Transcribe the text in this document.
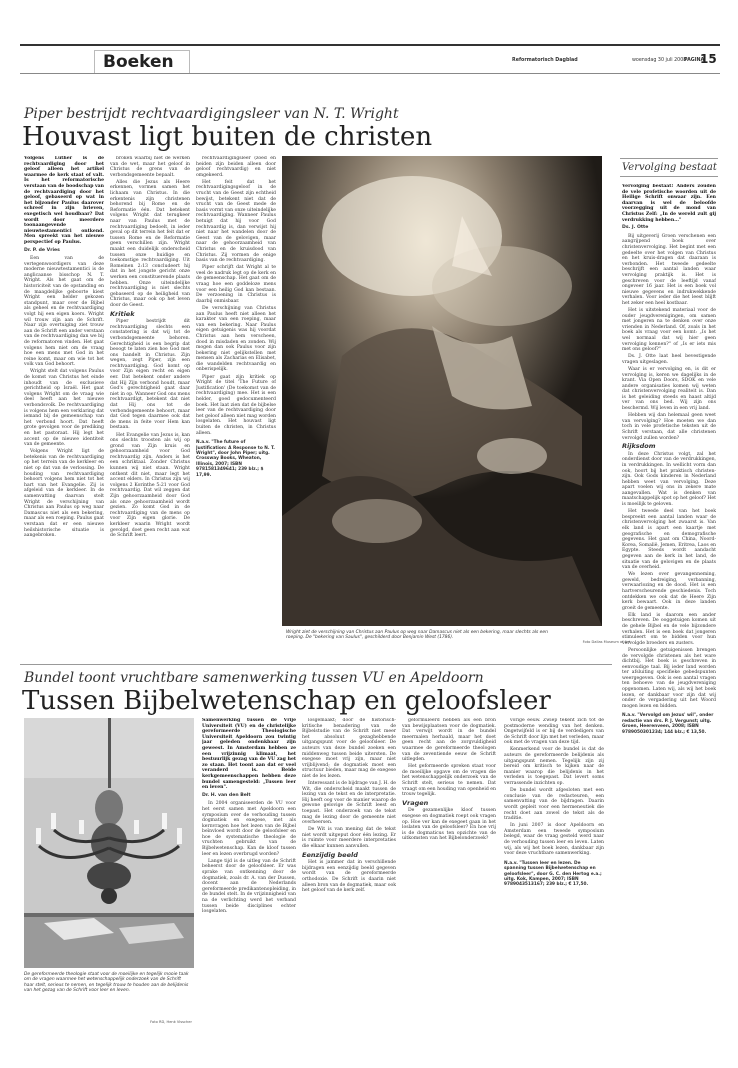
Boeken	Reformatorisch Dagblad	woensdag 30 juli 2008
PAGINA
15
Piper bestrijdt rechtvaardigingsleer van N. T. Wright
Houvast ligt buiten de christen

Volgens Luther is de rechtvaardiging door het geloof alleen het artikel waarmee de kerk staat of valt. Is het reformatorische verstaan van de boodschap van de rechtvaardiging door het geloof, gebaseerd op wat in het bijzonder Paulus daarover schreef in zijn brieven, exegetisch wel houdbaar? Dat wordt door meerdere toonaangevende nieuwtestamentici ontkend. Men spreekt van het nieuwe perspectief op Paulus.

Dr. P. de Vries

Een van de vertegenwoordigers van deze moderne nieuwtestamentici is de anglicaanse bisschop N. T. Wright. Als het gaat om de historiciteit van de opstanding en de maagdelijke geboorte kiest Wright een helder gekozen standpunt, maar over de Bijbel als geheel en de rechtvaardiging volgt hij een eigen koers. Wright wil trouw zijn aan de Schrift. Naar zijn overtuiging ziet trouw aan de Schrift een ander verstaan van de rechtvaardiging dan we bij de reformatoren vinden. Het gaat volgens hem niet om de vraag hoe een mens met God in het reine komt, maar om wie tot het volk van God behoort.

Wright stelt dat volgens Paulus de komst van Christus het einde inhoudt van de exclusieve gerichtheid op Israël. Het gaat volgens Wright om de vraag wie deel heeft aan het nieuwe verbondsvolk. De rechtvaardiging is volgens hem een verklaring dat iemand bij de gemeenschap van het verbond hoort. Dat heeft grote gevolgen voor de prediking en het pastoraat. Hij legt het accent op de nieuwe identiteit van de gemeente.

Volgens Wright ligt de betekenis van de rechtvaardiging op het terrein van de kerkleer en niet op dat van de verlossing. De houding van rechtvaardiging behoort volgens hem niet tot het hart van het Evangelie. Zij is afgeleid van de kerkleer. In de samenvatting daarvan stelt Wright de verschijning van Christus aan Paulus op weg naar Damascus niet als een bekering, maar als een roeping. Paulus gaat verstaan dat er een nieuwe heilshistorische situatie is aangebroken.

broken waarbij niet de werken van de wet, maar het geloof in Christus de grens van de verbondsgemeente bepaalt.

Alles die Jezus als Heere erkennen, vormen samen het lichaam van Christus. In die erkentenis zijn christenen behorend bij Rome en de Reformatie één. Dat betekent volgens Wright dat terugkeer naar van Paulus met de rechtvaardiging bedoelt, in ieder geval op dit terrein het feit dat er tussen Rome en de Reformatie geen verschillen zijn. Wright maakt een duidelijk onderscheid tussen onze huidige en toekomstige rechtvaardiging. Uit Romeinen 2:13 concludeert hij dat in het jongste gericht onze werken een constituerende plaats hebben. Onze uiteindelijke rechtvaardiging is niet slechts gebaseerd op de heiligheid van Christus, maar ook op het leven door de Geest.

Kritiek

Piper bestrijdt dit rechtvaardiging slechts een constatering is dat wij tot de verbondsgemeente behoren. Gerechtigheid is een begrip dat beoogt te laten zien hoe God met ons handelt in Christus. Zijn wegen, zegt Piper, zijn een rechtvaardiging. God komt op voor Zijn eigen recht en eigen eer. Dat betekent onder andere dat Hij Zijn verbond houdt, maar God's gerechtigheid gaat daar niet in op. Wanneer God ons mens rechtvaardigt, betekent dat niet dat Hij ons tot de verbondsgemeente behoort, maar dat God tegen daarmee ook dat de mens in feite voor Hem kan bestaan.

Het Evangelie van Jezus is, kan ons slechts troosten als wij op grond van Zijn kruis en gehoorzaamheid voor God rechtvaardig zijn. Anders is het een schriktaal. Zonder Christus kunnen wij niet staan. Wright ontkent dit niet, maar legt het accent elders. In Christus zijn wij volgens 2 Korinthe 5:21 voor God rechtvaardig. Dat wil zeggen dat Zijn gehoorzaamheid door God als onze gehoorzaamheid wordt gezien. Zo komt God in de rechtvaardiging van de mens op voor Zijn eigen glorie. De kerkleer waarin Wright wordt gevolgd, doet geen recht aan wat de Schrift leert.

rechtvaardigingsleer (zoed en heiden zijn beiden alleen door geloof rechtvaardig) en niet omgekeerd.

Het feit dat het rechtvaardigingsgeloof in de vrucht van de Geest zijn echtheid bewijst, betekent niet dat de vrucht van de Geest mede de basis vormt van onze uiteindelijke rechtvaardiging. Wanneer Paulus betuigt dat hij voor God rechtvaardig is, dan verwijst hij niet naar het wandelen door de Geest van de gelovigen, maar naar de gehoorzaamheid van Christus en de kruisdood van Christus. Zij vormen de enige basis van de rechtvaardiging.

Piper schrijft dat Wright al te veel de nadruk legt op de kerk en de gemeenschap. Het gaat om de vraag hoe een goddeloze mens voor een heilig God kan bestaan. De verzoening in Christus is daarbij onmisbaar.

De verschijning van Christus aan Paulus heeft niet alleen het karakter van een roeping, maar van een bekering. Naar Paulus eigen getuigenis was hij voordat Christus aan hem verscheen, dood in misdaden en zonden. Wij mogen dan ook Paulus voor zijn bekering niet gelijkstellen met mensen als Zacharias en Elisabet, die wandelden rechtvaardig en onberispelijk.

Piper gaat zijn kritiek op Wright de titel 'The Future of Justification' (De toekomst van de rechtvaardiging) mee. Het is een helder, goed gedocumenteerd boek. Het laat zien dat de bijbelse leer van de rechtvaardiging door het geloof alleen niet mag worden losgelaten. Het houvast ligt buiten de christen, in Christus alleen.

N.a.v. "The future of Justification: A Response to N. T. Wright", door John Piper; uitg. Crossway Books, Wheaton, Illinois, 2007; ISBN 9781581349641; 239 blz.; $ 17,99.
Wright ziet de verschijning van Christus aan Paulus op weg naar Damascus niet als een bekering, maar slechts als een roeping. De "bekering van Saulus", geschilderd door Benjamin West (1786).
Foto Dallas Museum of Art
Vervolging bestaat

Vervolging bestaat! Anders zouden de vele profetische woorden uit de Heilige Schrift onwaar zijn. Een daarvan is wel de beloofde voorzegging uit de mond van Christus Zelf: „In de wereld zult gij verdrukking hebben..."

Ds. J. Otte

Bij uitgeverij Groen verschenen een aangrijpend boek over christenvervolging. Het begint met een gedeelte over het volgen van Christus en het kruis-dragen dat daaraan is verbonden. Het tweede gedeelte beschrijft een aantal landen waar vervolging praktijk is. Het is geschreven voor de leeftijd vanaf ongeveer 16 jaar. Het is een boek vol nieuwe gegevens en indrukwekkende verhalen. Voor ieder die het leest blijft het zeker een heel kostbaar.

Het is uitstekend materiaal voor de ouder jeugdverenigingen, om samen met jongeren na te denken over onze vrienden in Nederland. Of, zoals in het boek als vraag voor een komt: „Is het wel normaal dat wij hier geen vervolging kennen?" of „Is er iets mis met ons geloof?"

Ds. J. Otte laat heel bevestigende vragen uitgeslagen.

Waar is er vervolging en, is dit er vervolging is, keren we dagelijks in de krant. Via Open Doors, SDOK en vele andere organisaties komen wij weten dat christenvervolging realiteit is. Dan is het geleiding steeds en haast altijd ver van ons bed. Wij zijn ons beschermd. Wij leven in een vrij land.

Hebben wij dan helemaal geen weet van vervolging? Hoe moeten we dan toch in vele profetische teksten uit de Schrift verstaan, dat alle christenen vervolgd zullen worden?

Rijksdom

In deze Christus volgt, zal het onderdienst door van de verdrukkingen, in verdrukkingen. In wellicht vorm dan ook, hoort bij het praktisch christen-zijn. Ook Gods kinderen in Nederland hebben weet van vervolging. Deze apart voelen wij ons in zekere mate aangevallen. Wat is denken van maatschappelijk spot op het geloof? Het is moeilijk te geloven.

Het tweede deel van het boek bespreekt een aantal landen waar de christenvervolging het zwaarst is. Van elk land is apart een kaartje met geografische en demografische gegevens. Het gaat om China, Noord-Korea, Somalië, Jemen, Eritrea, Laos en Egypte. Steeds wordt aandacht gegeven aan de kerk in het land, de situatie van de gelovigen en de plaats van de overheid.

We lezen over gevangenneming, geweld, bedreiging, verbanning, verwaarlozing en de dood. Het is een hartverscheurende geschiedenis. Toch ontdekken we ook dat de Heere Zijn kerk bewaart. Ook in deze landen groeit de gemeente.

Elk land is daarom een ander beschreven. De ooggetuigen komen uit de gehele Bijbel en de vele bijzondere verhalen. Het is een boek dat jongeren stimuleert om te bidden voor hun vervolgde broeders en zusters.

Persoonlijke getuigenissen brengen de vervolgde christenen als het ware dichtbij. Het boek is geschreven in eenvoudige taal. Bij ieder land worden ter afsluiting specifieke gebedspunten weergegeven. Ook is een aantal vragen ten behoeve van de jeugdvereniging opgenomen. Laten wij, als wij het boek lezen, er dankbaar voor zijn dat wij onder de vergadering uit het Woord mogen lezen en bidden.

N.a.v. "Vervolgd om Jezus' wil", onder redactie van drs. P. J. Vergunst; uitg. Groen, Heerenveen, 2008; ISBN 9789050301234; 144 blz.; € 13,50.
Bundel toont vruchtbare samenwerking tussen VU en Apeldoorn
Tussen Bijbelwetenschap en geloofsleer
De gereformeerde theologie staat voor de moeilijke en tegelijk mooie taak om de vragen waarmee het wetenschappelijk onderzoek van de Schrift haar stelt, serieus te nemen, en tegelijk trouw te houden aan de belijdenis van het gezag van de Schrift voor leer en leven.
Foto RD, Henk Visscher

Samenwerking tussen de Vrije Universiteit (VU) en de christelijke gereformeerde Theologische Universiteit Apeldoorn zou twintig jaar geleden ondenkbaar zijn geweest. In Amsterdam hebben ze een vrijzinnig klimaat, het bestuurlijk gezag van de VU zag het zo staan. Het toont aan dat er veel veranderd is. Beide kerkgemeenschappen hebben deze bundel samengesteld: „Tussen leer en leven".

Dr. H. van den Belt

In 2004 organiseerden de VU voor het eerst samen met Apeldoorn een symposium over de verhouding tussen dogmatiek en exegese, met als kernvragen hoe het lezen van de Bijbel beïnvloed wordt door de geloofsleer en hoe de systematische theologie de vruchten gebruikt van de Bijbelwetenschap. Kan de kloof tussen leer en lezen overbrugd worden?

Lange tijd is de uitleg van de Schrift beheerst door de geloofsleer. Er was sprake van ontkenning door de dogmatiek, zoals dr. A. van der Dussen, docent aan de Nederlands gereformeerde predikantenopleiding, in de bundel stelt. In de vrijzinnigheid van na de verlichting werd het verband tussen beide disciplines echter losgelaten.

losgemaakt; door de historisch-kritische benadering van de Bijbelstudie van de Schrift niet meer het absoluut gezaghebbende uitgangspunt voor de geloofsleer. De auteurs van deze bundel zoeken een middenweg tussen beide uitersten. De exegese moet vrij zijn, maar niet vrijblijvend; de dogmatiek moet een structuur bieden, maar mag de exegese niet de les lezen.

Interessant is de bijdrage van J. H. de Wit, die onderscheid maakt tussen de lezing van de tekst en de interpretatie. Hij heeft oog voor de manier waarop de gewone gelovige de Schrift leest en toepast. Het onderzoek van de tekst mag de lezing door de gemeente niet overheersen.

De Wit is van mening dat de tekst niet wordt uitgeput door één lezing. Er is ruimte voor meerdere interpretaties die elkaar kunnen aanvullen.

Eenzijdig beeld

Het is jammer dat in verschillende bijdragen een eenzijdig beeld gegeven wordt van de gereformeerde orthodoxie. De Schrift is daarin niet alleen bron van de dogmatiek, maar ook het geloof van de kerk zelf.

geformuleerd hebben als een bron van bewijsplaatsen voor de dogmatiek. Dat verwijt wordt in de bundel meermalen herhaald, maar het doet geen recht aan de zorgvuldigheid waarmee de gereformeerde theologen van de zeventiende eeuw de Schrift uitlegden.

Het geformeerde spreken staat voor de moeilijke opgave om de vragen die het wetenschappelijk onderzoek van de Schrift stelt, serieus te nemen. Dat vraagt om een houding van openheid en trouw tegelijk.

Vragen

De gezamenlijke kloof tussen exegese en dogmatiek roept ook vragen op. Hoe ver kan de exegeet gaan in het loslaten van de geloofsleer? En hoe vrij is de dogmaticus ten opzichte van de uitkomsten van het Bijbelonderzoek?

vorige eeuw. Zwiep tekent zich tot de postmoderne wending van het denken. Ongetwijfeld is er bij de verdedigers van de Schrift door lijn met het verleden, maar ook met de vragen van deze tijd.

Kenmerkend voor de bundel is dat de auteurs de gereformeerde belijdenis als uitgangspunt nemen. Tegelijk zijn zij bereid om kritisch te kijken naar de manier waarop die belijdenis in het verleden is toegepast. Dat levert soms verrassende inzichten op.

De bundel wordt afgesloten met een conclusie van de redacteuren, een samenvatting van de bijdragen. Daarin wordt gepleit voor een hermeneutiek die recht doet aan zowel de tekst als de traditie.

In juni 2007 is door Apeldoorn en Amsterdam een tweede symposium belegd, waar de vraag gesteld werd naar de verhouding tussen leer en leven. Laten wij, als wij het boek lezen, dankbaar zijn voor deze vruchtbare samenwerking.

N.a.v. "Tussen leer en lezen. De spanning tussen Bijbelwetenschap en geloofsleer", door G. C. den Hertog e.a.; uitg. Kok, Kampen, 2007; ISBN 9789043513167; 239 blz.; € 17,50.
